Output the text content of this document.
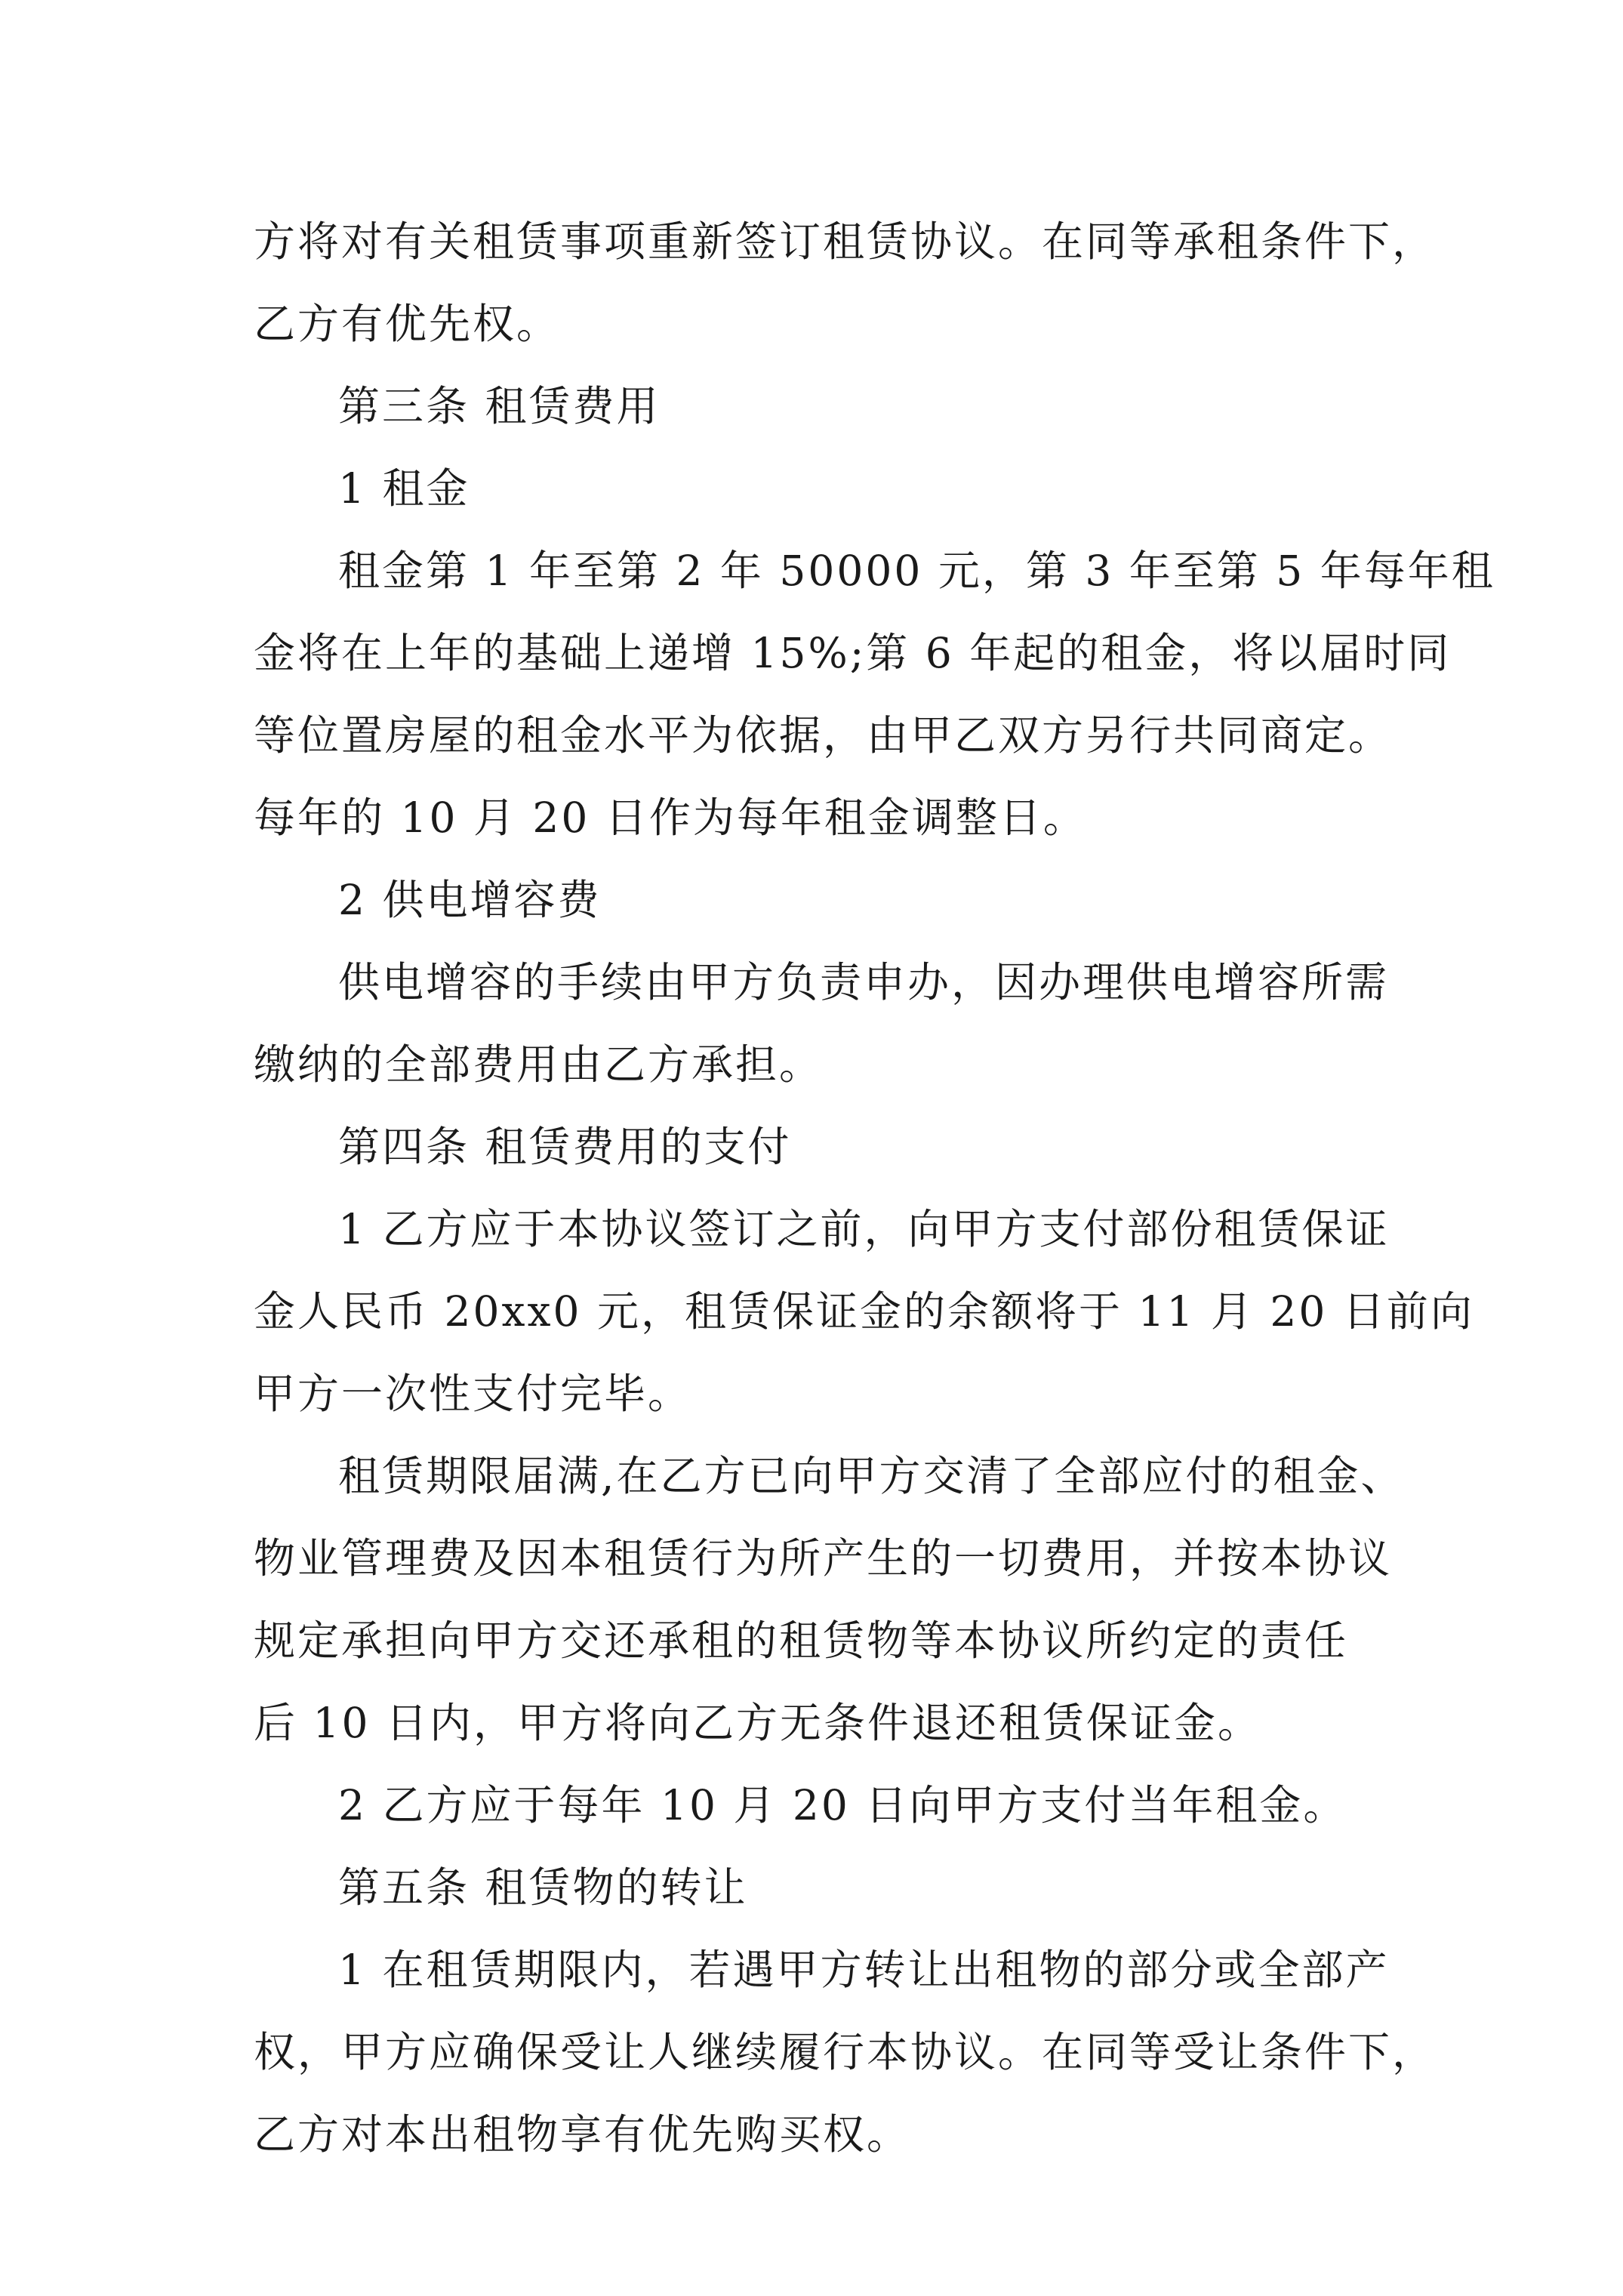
方将对有关租赁事项重新签订租赁协议。在同等承租条件下，
乙方有优先权。
第三条 租赁费用
1 租金
租金第 1 年至第 2 年 50000 元，第 3 年至第 5 年每年租
金将在上年的基础上递增 15%;第 6 年起的租金，将以届时同
等位置房屋的租金水平为依据，由甲乙双方另行共同商定。
每年的 10 月 20 日作为每年租金调整日。
2 供电增容费
供电增容的手续由甲方负责申办，因办理供电增容所需
缴纳的全部费用由乙方承担。
第四条 租赁费用的支付
1 乙方应于本协议签订之前，向甲方支付部份租赁保证
金人民币 20xx0 元，租赁保证金的余额将于 11 月 20 日前向
甲方一次性支付完毕。
租赁期限届满,在乙方已向甲方交清了全部应付的租金、
物业管理费及因本租赁行为所产生的一切费用，并按本协议
规定承担向甲方交还承租的租赁物等本协议所约定的责任
后 10 日内，甲方将向乙方无条件退还租赁保证金。
2 乙方应于每年 10 月 20 日向甲方支付当年租金。
第五条 租赁物的转让
1 在租赁期限内，若遇甲方转让出租物的部分或全部产
权，甲方应确保受让人继续履行本协议。在同等受让条件下，
乙方对本出租物享有优先购买权。
